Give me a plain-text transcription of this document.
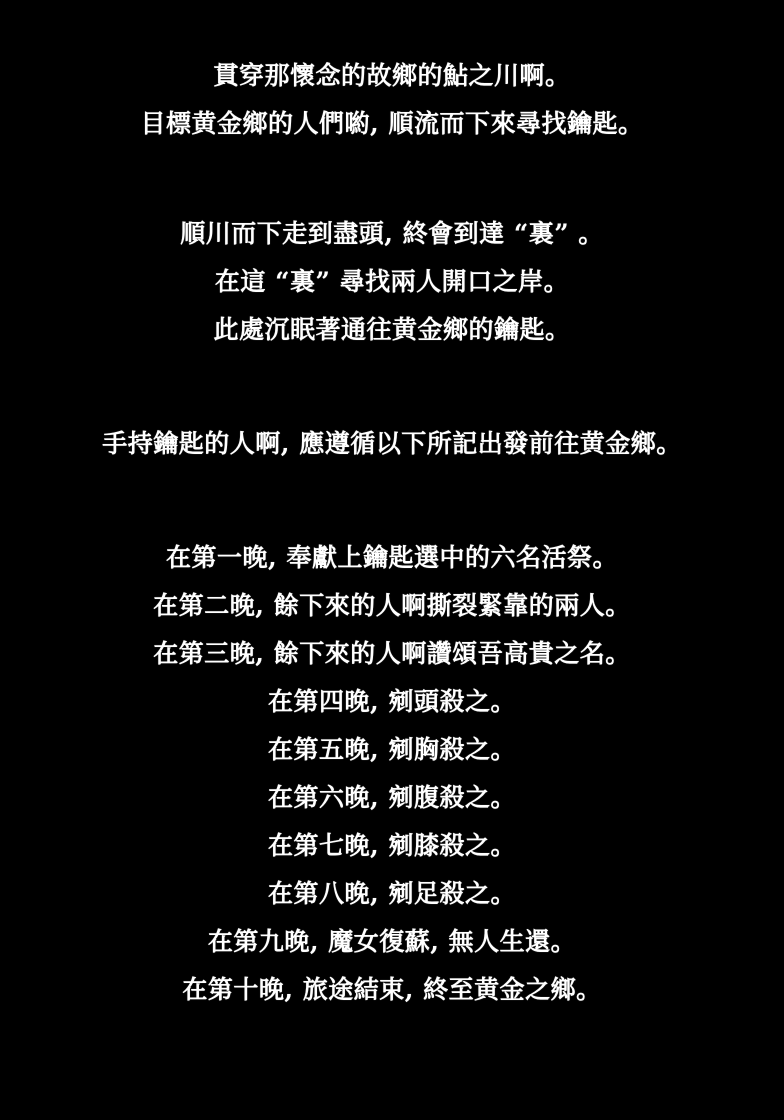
貫穿那懷念的故鄉的鮎之川啊。
目標黄金鄉的人們喲, 順流而下來尋找鑰匙。
順川而下走到盡頭, 終會到達 “裏” 。
在這 “裏” 尋找兩人開口之岸。
此處沉眠著通往黄金鄉的鑰匙。
手持鑰匙的人啊, 應遵循以下所記出發前往黄金鄉。
在第一晚, 奉獻上鑰匙選中的六名活祭。
在第二晚, 餘下來的人啊撕裂緊靠的兩人。
在第三晚, 餘下來的人啊讚頌吾高貴之名。
在第四晚, 剜頭殺之。
在第五晚, 剜胸殺之。
在第六晚, 剜腹殺之。
在第七晚, 剜膝殺之。
在第八晚, 剜足殺之。
在第九晚, 魔女復蘇, 無人生還。
在第十晚, 旅途結束, 終至黄金之鄉。
